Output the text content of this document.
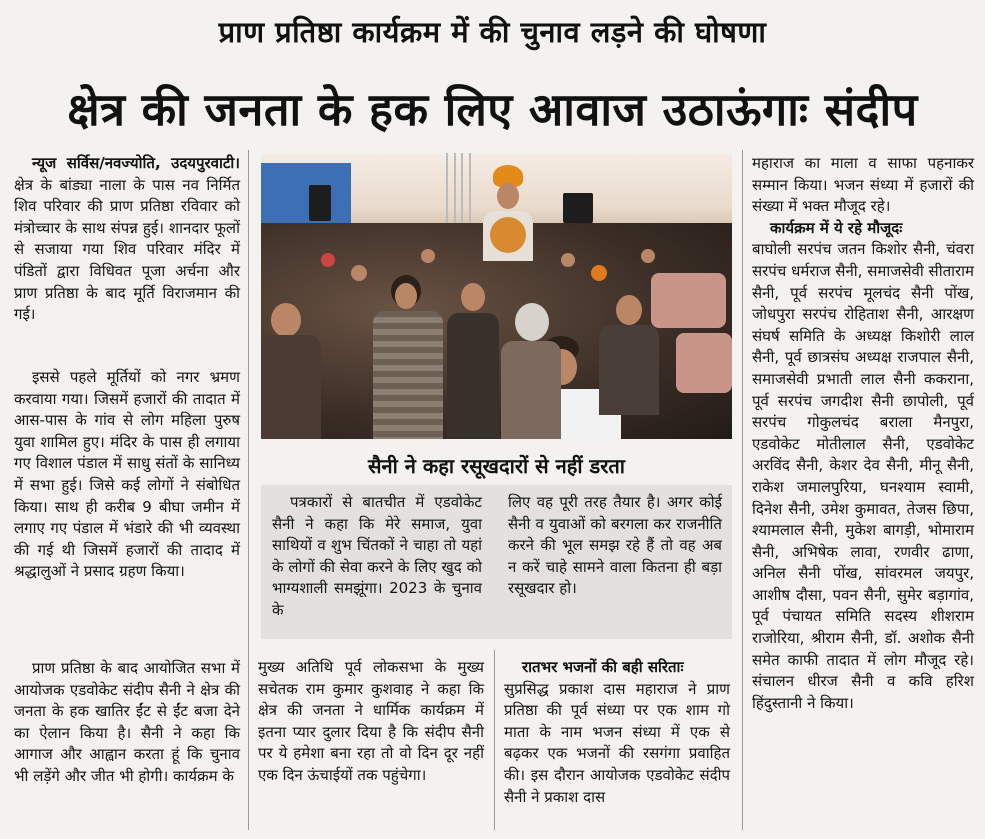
प्राण प्रतिष्ठा कार्यक्रम में की चुनाव लड़ने की घोषणा
क्षेत्र की जनता के हक लिए आवाज उठाऊंगाः संदीप

न्यूज सर्विस/नवज्योति, उदयपुरवाटी। क्षेत्र के बांड्या नाला के पास नव निर्मित शिव परिवार की प्राण प्रतिष्ठा रविवार को मंत्रोच्चार के साथ संपन्न हुई। शानदार फूलों से सजाया गया शिव परिवार मंदिर में पंडितों द्वारा विधिवत पूजा अर्चना और प्राण प्रतिष्ठा के बाद मूर्ति विराजमान की गई।

इससे पहले मूर्तियों को नगर भ्रमण करवाया गया। जिसमें हजारों की तादात में आस-पास के गांव से लोग महिला पुरुष युवा शामिल हुए। मंदिर के पास ही लगाया गए विशाल पंडाल में साधु संतों के सानिध्य में सभा हुई। जिसे कई लोगों ने संबोधित किया। साथ ही करीब 9 बीघा जमीन में लगाए गए पंडाल में भंडारे की भी व्यवस्था की गई थी जिसमें हजारों की तादाद में श्रद्धालुओं ने प्रसाद ग्रहण किया।

प्राण प्रतिष्ठा के बाद आयोजित सभा में आयोजक एडवोकेट संदीप सैनी ने क्षेत्र की जनता के हक खातिर ईंट से ईंट बजा देने का ऐलान किया है। सैनी ने कहा कि आगाज और आह्वान करता हूं कि चुनाव भी लड़ेंगे और जीत भी होगी। कार्यक्रम के

सैनी ने कहा रसूखदारों से नहीं डरता

पत्रकारों से बातचीत में एडवोकेट सैनी ने कहा कि मेरे समाज, युवा साथियों व शुभ चिंतकों ने चाहा तो यहां के लोगों की सेवा करने के लिए खुद को भाग्यशाली समझूंगा। 2023 के चुनाव के

लिए वह पूरी तरह तैयार है। अगर कोई सैनी व युवाओं को बरगला कर राजनीति करने की भूल समझ रहे हैं तो वह अब न करें चाहे सामने वाला कितना ही बड़ा रसूखदार हो।

मुख्य अतिथि पूर्व लोकसभा के मुख्य सचेतक राम कुमार कुशवाह ने कहा कि क्षेत्र की जनता ने धार्मिक कार्यक्रम में इतना प्यार दुलार दिया है कि संदीप सैनी पर ये हमेशा बना रहा तो वो दिन दूर नहीं एक दिन ऊंचाईयों तक पहुंचेगा।

रातभर भजनों की बही सरिताः

सुप्रसिद्ध प्रकाश दास महाराज ने प्राण प्रतिष्ठा की पूर्व संध्या पर एक शाम गो माता के नाम भजन संध्या में एक से बढ़कर एक भजनों की रसगंगा प्रवाहित की। इस दौरान आयोजक एडवोकेट संदीप सैनी ने प्रकाश दास

महाराज का माला व साफा पहनाकर सम्मान किया। भजन संध्या में हजारों की संख्या में भक्त मौजूद रहे।

कार्यक्रम में ये रहे मौजूदः

बाघोली सरपंच जतन किशोर सैनी, चंवरा सरपंच धर्मराज सैनी, समाजसेवी सीताराम सैनी, पूर्व सरपंच मूलचंद सैनी पोंख, जोधपुरा सरपंच रोहिताश सैनी, आरक्षण संघर्ष समिति के अध्यक्ष किशोरी लाल सैनी, पूर्व छात्रसंघ अध्यक्ष राजपाल सैनी, समाजसेवी प्रभाती लाल सैनी ककराना, पूर्व सरपंच जगदीश सैनी छापोली, पूर्व सरपंच गोकुलचंद बराला मैनपुरा, एडवोकेट मोतीलाल सैनी, एडवोकेट अरविंद सैनी, केशर देव सैनी, मीनू सैनी, राकेश जमालपुरिया, घनश्याम स्वामी, दिनेश सैनी, उमेश कुमावत, तेजस छिपा, श्यामलाल सैनी, मुकेश बागड़ी, भोमाराम सैनी, अभिषेक लावा, रणवीर ढाणा, अनिल सैनी पोंख, सांवरमल जयपुर, आशीष दौसा, पवन सैनी, सुमेर बड़ागांव, पूर्व पंचायत समिति सदस्य शीशराम राजोरिया, श्रीराम सैनी, डॉ. अशोक सैनी समेत काफी तादात में लोग मौजूद रहे। संचालन धीरज सैनी व कवि हरिश हिंदुस्तानी ने किया।
